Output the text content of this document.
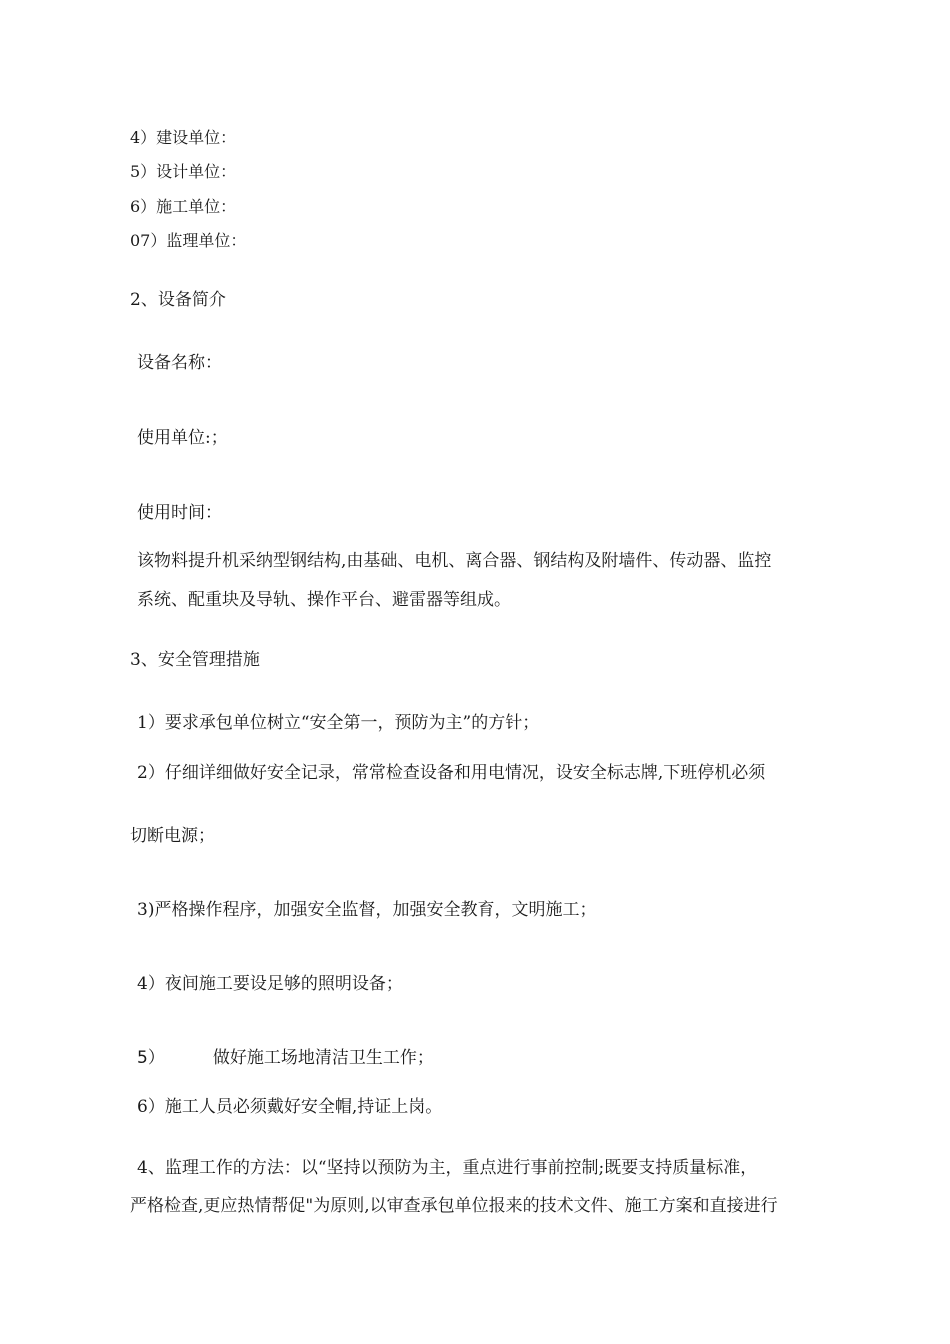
4）建设单位：
5）设计单位：
6）施工单位：
07）监理单位：
2、设备简介
设备名称：
使用单位:；
使用时间：
该物料提升机采纳型钢结构,由基础、电机、离合器、钢结构及附墙件、传动器、监控
系统、配重块及导轨、操作平台、避雷器等组成。
3、安全管理措施
1）要求承包单位树立“安全第一，预防为主”的方针；
2）仔细详细做好安全记录，常常检查设备和用电情况，设安全标志牌,下班停机必须
切断电源；
3)严格操作程序，加强安全监督，加强安全教育，文明施工；
4）夜间施工要设足够的照明设备；
5）	做好施工场地清洁卫生工作；
6）施工人员必须戴好安全帽,持证上岗。
4、监理工作的方法：以“坚持以预防为主，重点进行事前控制;既要支持质量标准，
严格检查,更应热情帮促"为原则,以审查承包单位报来的技术文件、施工方案和直接进行
